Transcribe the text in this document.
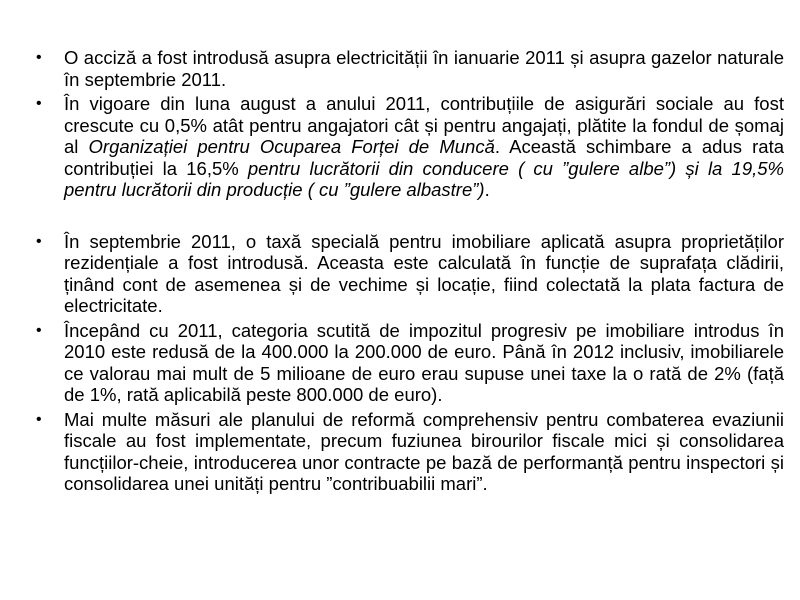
• O acciză a fost introdusă asupra electricității în ianuarie 2011 și asupra gazelor naturale în septembrie 2011.
• În vigoare din luna august a anului 2011, contribuțiile de asigurări sociale au fost crescute cu 0,5% atât pentru angajatori cât și pentru angajați, plătite la fondul de șomaj al Organizației pentru Ocuparea Forței de Muncă. Această schimbare a adus rata contribuției la 16,5% pentru lucrătorii din conducere ( cu ”gulere albe”) și la 19,5% pentru lucrătorii din producție ( cu ”gulere albastre”).
• În septembrie 2011, o taxă specială pentru imobiliare aplicată asupra proprietăților rezidențiale a fost introdusă. Aceasta este calculată în funcție de suprafața clădirii, ținând cont de asemenea și de vechime și locație, fiind colectată la plata factura de electricitate.
• Începând cu 2011, categoria scutită de impozitul progresiv pe imobiliare introdus în 2010 este redusă de la 400.000 la 200.000 de euro. Până în 2012 inclusiv, imobiliarele ce valorau mai mult de 5 milioane de euro erau supuse unei taxe la o rată de 2% (față de 1%, rată aplicabilă peste 800.000 de euro).
• Mai multe măsuri ale planului de reformă comprehensiv pentru combaterea evaziunii fiscale au fost implementate, precum fuziunea birourilor fiscale mici și consolidarea funcțiilor-cheie, introducerea unor contracte pe bază de performanță pentru inspectori și consolidarea unei unități pentru ”contribuabilii mari”.
